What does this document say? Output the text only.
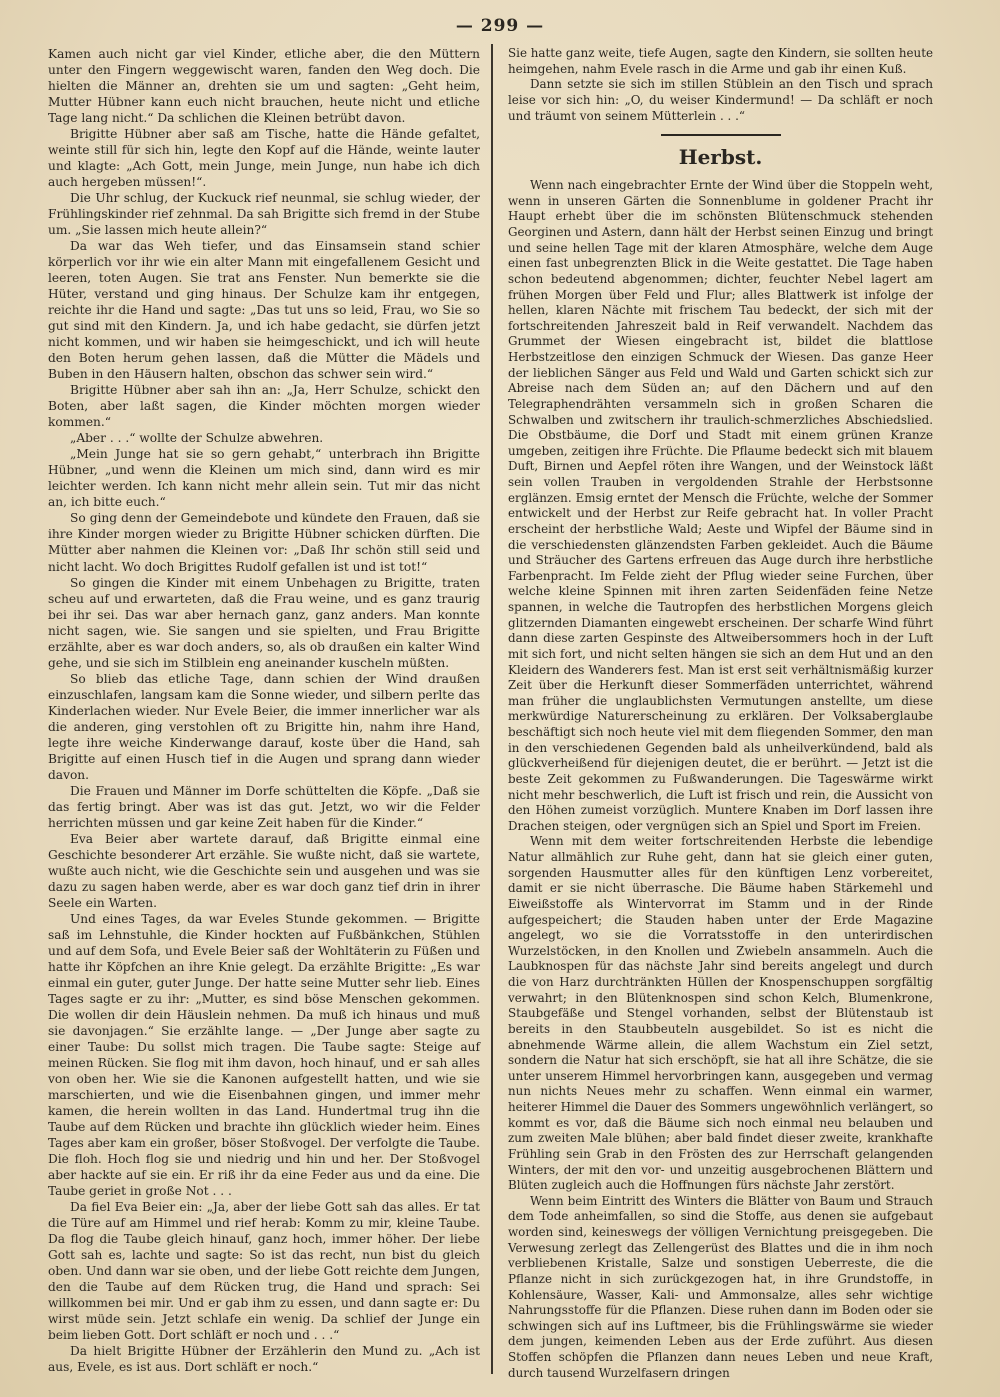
— 299 —

Kamen auch nicht gar viel Kinder, etliche aber, die den Müttern unter den Fingern weggewischt waren, fanden den Weg doch. Die hielten die Männer an, drehten sie um und sagten: „Geht heim, Mutter Hübner kann euch nicht brauchen, heute nicht und etliche Tage lang nicht.“ Da schlichen die Kleinen betrübt davon.

Brigitte Hübner aber saß am Tische, hatte die Hände gefaltet, weinte still für sich hin, legte den Kopf auf die Hände, weinte lauter und klagte: „Ach Gott, mein Junge, mein Junge, nun habe ich dich auch hergeben müssen!“.

Die Uhr schlug, der Kuckuck rief neunmal, sie schlug wieder, der Frühlingskinder rief zehnmal. Da sah Brigitte sich fremd in der Stube um. „Sie lassen mich heute allein?“

Da war das Weh tiefer, und das Einsamsein stand schier körperlich vor ihr wie ein alter Mann mit eingefallenem Gesicht und leeren, toten Augen. Sie trat ans Fenster. Nun bemerkte sie die Hüter, verstand und ging hinaus. Der Schulze kam ihr entgegen, reichte ihr die Hand und sagte: „Das tut uns so leid, Frau, wo Sie so gut sind mit den Kindern. Ja, und ich habe gedacht, sie dürfen jetzt nicht kommen, und wir haben sie heimgeschickt, und ich will heute den Boten herum gehen lassen, daß die Mütter die Mädels und Buben in den Häusern halten, obschon das schwer sein wird.“

Brigitte Hübner aber sah ihn an: „Ja, Herr Schulze, schickt den Boten, aber laßt sagen, die Kinder möchten morgen wieder kommen.“

„Aber . . .“ wollte der Schulze abwehren.

„Mein Junge hat sie so gern gehabt,“ unterbrach ihn Brigitte Hübner, „und wenn die Kleinen um mich sind, dann wird es mir leichter werden. Ich kann nicht mehr allein sein. Tut mir das nicht an, ich bitte euch.“

So ging denn der Gemeindebote und kündete den Frauen, daß sie ihre Kinder morgen wieder zu Brigitte Hübner schicken dürften. Die Mütter aber nahmen die Kleinen vor: „Daß Ihr schön still seid und nicht lacht. Wo doch Brigittes Rudolf gefallen ist und ist tot!“

So gingen die Kinder mit einem Unbehagen zu Brigitte, traten scheu auf und erwarteten, daß die Frau weine, und es ganz traurig bei ihr sei. Das war aber hernach ganz, ganz anders. Man konnte nicht sagen, wie. Sie sangen und sie spielten, und Frau Brigitte erzählte, aber es war doch anders, so, als ob draußen ein kalter Wind gehe, und sie sich im Stilblein eng aneinander kuscheln müßten.

So blieb das etliche Tage, dann schien der Wind draußen einzuschlafen, langsam kam die Sonne wieder, und silbern perlte das Kinderlachen wieder. Nur Evele Beier, die immer innerlicher war als die anderen, ging verstohlen oft zu Brigitte hin, nahm ihre Hand, legte ihre weiche Kinderwange darauf, koste über die Hand, sah Brigitte auf einen Husch tief in die Augen und sprang dann wieder davon.

Die Frauen und Männer im Dorfe schüttelten die Köpfe. „Daß sie das fertig bringt. Aber was ist das gut. Jetzt, wo wir die Felder herrichten müssen und gar keine Zeit haben für die Kinder.“

Eva Beier aber wartete darauf, daß Brigitte einmal eine Geschichte besonderer Art erzähle. Sie wußte nicht, daß sie wartete, wußte auch nicht, wie die Geschichte sein und ausgehen und was sie dazu zu sagen haben werde, aber es war doch ganz tief drin in ihrer Seele ein Warten.

Und eines Tages, da war Eveles Stunde gekommen. — Brigitte saß im Lehnstuhle, die Kinder hockten auf Fußbänkchen, Stühlen und auf dem Sofa, und Evele Beier saß der Wohltäterin zu Füßen und hatte ihr Köpfchen an ihre Knie gelegt. Da erzählte Brigitte: „Es war einmal ein guter, guter Junge. Der hatte seine Mutter sehr lieb. Eines Tages sagte er zu ihr: „Mutter, es sind böse Menschen gekommen. Die wollen dir dein Häuslein nehmen. Da muß ich hinaus und muß sie davonjagen.“ Sie erzählte lange. — „Der Junge aber sagte zu einer Taube: Du sollst mich tragen. Die Taube sagte: Steige auf meinen Rücken. Sie flog mit ihm davon, hoch hinauf, und er sah alles von oben her. Wie sie die Kanonen aufgestellt hatten, und wie sie marschierten, und wie die Eisenbahnen gingen, und immer mehr kamen, die herein wollten in das Land. Hundertmal trug ihn die Taube auf dem Rücken und brachte ihn glücklich wieder heim. Eines Tages aber kam ein großer, böser Stoßvogel. Der verfolgte die Taube. Die floh. Hoch flog sie und niedrig und hin und her. Der Stoßvogel aber hackte auf sie ein. Er riß ihr da eine Feder aus und da eine. Die Taube geriet in große Not . . .

Da fiel Eva Beier ein: „Ja, aber der liebe Gott sah das alles. Er tat die Türe auf am Himmel und rief herab: Komm zu mir, kleine Taube. Da flog die Taube gleich hinauf, ganz hoch, immer höher. Der liebe Gott sah es, lachte und sagte: So ist das recht, nun bist du gleich oben. Und dann war sie oben, und der liebe Gott reichte dem Jungen, den die Taube auf dem Rücken trug, die Hand und sprach: Sei willkommen bei mir. Und er gab ihm zu essen, und dann sagte er: Du wirst müde sein. Jetzt schlafe ein wenig. Da schlief der Junge ein beim lieben Gott. Dort schläft er noch und . . .“

Da hielt Brigitte Hübner der Erzählerin den Mund zu. „Ach ist aus, Evele, es ist aus. Dort schläft er noch.“

Sie hatte ganz weite, tiefe Augen, sagte den Kindern, sie sollten heute heimgehen, nahm Evele rasch in die Arme und gab ihr einen Kuß.

Dann setzte sie sich im stillen Stüblein an den Tisch und sprach leise vor sich hin: „O, du weiser Kindermund! — Da schläft er noch und träumt von seinem Mütterlein . . .“

Herbst.

Wenn nach eingebrachter Ernte der Wind über die Stoppeln weht, wenn in unseren Gärten die Sonnenblume in goldener Pracht ihr Haupt erhebt über die im schönsten Blütenschmuck stehenden Georginen und Astern, dann hält der Herbst seinen Einzug und bringt und seine hellen Tage mit der klaren Atmosphäre, welche dem Auge einen fast unbegrenzten Blick in die Weite gestattet. Die Tage haben schon bedeutend abgenommen; dichter, feuchter Nebel lagert am frühen Morgen über Feld und Flur; alles Blattwerk ist infolge der hellen, klaren Nächte mit frischem Tau bedeckt, der sich mit der fortschreitenden Jahreszeit bald in Reif verwandelt. Nachdem das Grummet der Wiesen eingebracht ist, bildet die blattlose Herbstzeitlose den einzigen Schmuck der Wiesen. Das ganze Heer der lieblichen Sänger aus Feld und Wald und Garten schickt sich zur Abreise nach dem Süden an; auf den Dächern und auf den Telegraphendrähten versammeln sich in großen Scharen die Schwalben und zwitschern ihr traulich-schmerzliches Abschiedslied. Die Obstbäume, die Dorf und Stadt mit einem grünen Kranze umgeben, zeitigen ihre Früchte. Die Pflaume bedeckt sich mit blauem Duft, Birnen und Aepfel röten ihre Wangen, und der Weinstock läßt sein vollen Trauben in vergoldenden Strahle der Herbstsonne erglänzen. Emsig erntet der Mensch die Früchte, welche der Sommer entwickelt und der Herbst zur Reife gebracht hat. In voller Pracht erscheint der herbstliche Wald; Aeste und Wipfel der Bäume sind in die verschiedensten glänzendsten Farben gekleidet. Auch die Bäume und Sträucher des Gartens erfreuen das Auge durch ihre herbstliche Farbenpracht. Im Felde zieht der Pflug wieder seine Furchen, über welche kleine Spinnen mit ihren zarten Seidenfäden feine Netze spannen, in welche die Tautropfen des herbstlichen Morgens gleich glitzernden Diamanten eingewebt erscheinen. Der scharfe Wind führt dann diese zarten Gespinste des Altweibersommers hoch in der Luft mit sich fort, und nicht selten hängen sie sich an dem Hut und an den Kleidern des Wanderers fest. Man ist erst seit verhältnismäßig kurzer Zeit über die Herkunft dieser Sommerfäden unterrichtet, während man früher die unglaublichsten Vermutungen anstellte, um diese merkwürdige Naturerscheinung zu erklären. Der Volksaberglaube beschäftigt sich noch heute viel mit dem fliegenden Sommer, den man in den verschiedenen Gegenden bald als unheilverkündend, bald als glückverheißend für diejenigen deutet, die er berührt. — Jetzt ist die beste Zeit gekommen zu Fußwanderungen. Die Tageswärme wirkt nicht mehr beschwerlich, die Luft ist frisch und rein, die Aussicht von den Höhen zumeist vorzüglich. Muntere Knaben im Dorf lassen ihre Drachen steigen, oder vergnügen sich an Spiel und Sport im Freien.

Wenn mit dem weiter fortschreitenden Herbste die lebendige Natur allmählich zur Ruhe geht, dann hat sie gleich einer guten, sorgenden Hausmutter alles für den künftigen Lenz vorbereitet, damit er sie nicht überrasche. Die Bäume haben Stärkemehl und Eiweißstoffe als Wintervorrat im Stamm und in der Rinde aufgespeichert; die Stauden haben unter der Erde Magazine angelegt, wo sie die Vorratsstoffe in den unterirdischen Wurzelstöcken, in den Knollen und Zwiebeln ansammeln. Auch die Laubknospen für das nächste Jahr sind bereits angelegt und durch die von Harz durchtränkten Hüllen der Knospenschuppen sorgfältig verwahrt; in den Blütenknospen sind schon Kelch, Blumenkrone, Staubgefäße und Stengel vorhanden, selbst der Blütenstaub ist bereits in den Staubbeuteln ausgebildet. So ist es nicht die abnehmende Wärme allein, die allem Wachstum ein Ziel setzt, sondern die Natur hat sich erschöpft, sie hat all ihre Schätze, die sie unter unserem Himmel hervorbringen kann, ausgegeben und vermag nun nichts Neues mehr zu schaffen. Wenn einmal ein warmer, heiterer Himmel die Dauer des Sommers ungewöhnlich verlängert, so kommt es vor, daß die Bäume sich noch einmal neu belauben und zum zweiten Male blühen; aber bald findet dieser zweite, krankhafte Frühling sein Grab in den Frösten des zur Herrschaft gelangenden Winters, der mit den vor- und unzeitig ausgebrochenen Blättern und Blüten zugleich auch die Hoffnungen fürs nächste Jahr zerstört.

Wenn beim Eintritt des Winters die Blätter von Baum und Strauch dem Tode anheimfallen, so sind die Stoffe, aus denen sie aufgebaut worden sind, keineswegs der völligen Vernichtung preisgegeben. Die Verwesung zerlegt das Zellengerüst des Blattes und die in ihm noch verbliebenen Kristalle, Salze und sonstigen Ueberreste, die die Pflanze nicht in sich zurückgezogen hat, in ihre Grundstoffe, in Kohlensäure, Wasser, Kali- und Ammonsalze, alles sehr wichtige Nahrungsstoffe für die Pflanzen. Diese ruhen dann im Boden oder sie schwingen sich auf ins Luftmeer, bis die Frühlingswärme sie wieder dem jungen, keimenden Leben aus der Erde zuführt. Aus diesen Stoffen schöpfen die Pflanzen dann neues Leben und neue Kraft, durch tausend Wurzelfasern dringen
